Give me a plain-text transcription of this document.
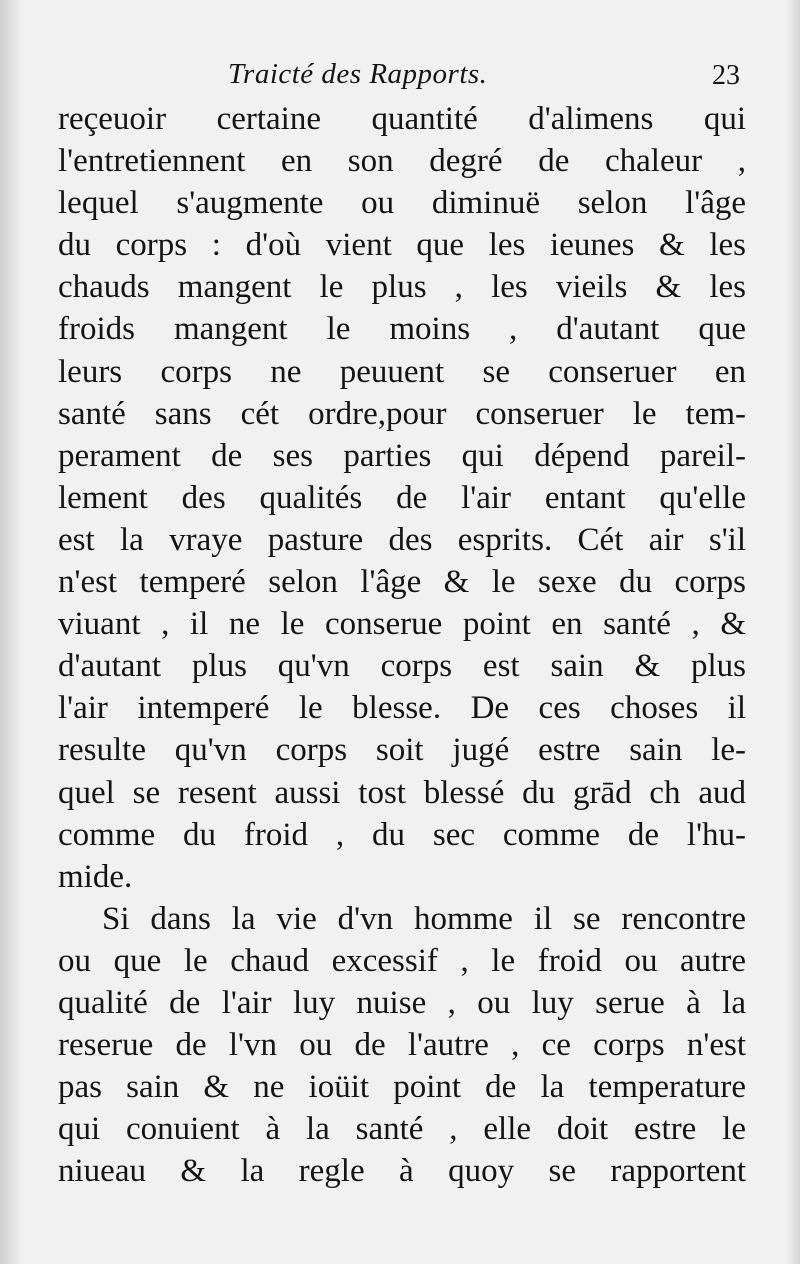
Traicté des Rapports.	23
reçeuoir certaine quantité d'alimens qui
l'entretiennent en son degré de chaleur ,
lequel s'augmente ou diminuë selon l'âge
du corps : d'où vient que les ieunes & les
chauds mangent le plus , les vieils & les
froids mangent le moins , d'autant que
leurs corps ne peuuent se conseruer en
santé sans cét ordre,pour conseruer le tem-
perament de ses parties qui dépend pareil-
lement des qualités de l'air entant qu'elle
est la vraye pasture des esprits. Cét air s'il
n'est temperé selon l'âge & le sexe du corps
viuant , il ne le conserue point en santé , &
d'autant plus qu'vn corps est sain & plus
l'air intemperé le blesse. De ces choses il
resulte qu'vn corps soit jugé estre sain le-
quel se resent aussi tost blessé du grād ch aud
comme du froid , du sec comme de l'hu-
mide.
Si dans la vie d'vn homme il se rencontre
ou que le chaud excessif , le froid ou autre
qualité de l'air luy nuise , ou luy serue à la
reserue de l'vn ou de l'autre , ce corps n'est
pas sain & ne ioüit point de la temperature
qui conuient à la santé , elle doit estre le
niueau & la regle à quoy se rapportent
